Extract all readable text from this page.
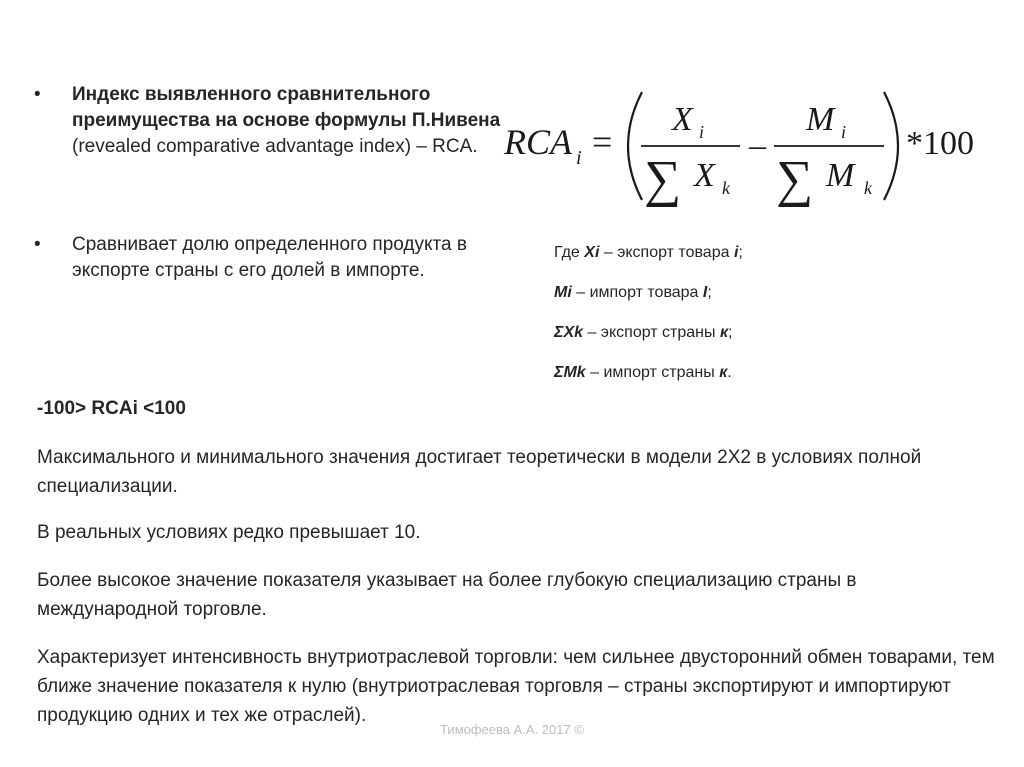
• Индекс выявленного сравнительного преимущества на основе формулы П.Нивена (revealed comparative advantage index) – RCA.
• Сравнивает долю определенного продукта в экспорте страны с его долей в импорте.
RCA i =
X i
∑ X k
–
M i
∑ M k
*100
Где Xi – экспорт товара i;
Mi – импорт товара I;
ΣXk – экспорт страны к;
ΣMk – импорт страны к.
-100> RCAi <100
Максимального и минимального значения достигает теоретически в модели 2Х2 в условиях полной специализации.
В реальных условиях редко превышает 10.
Более высокое значение показателя указывает на более глубокую специализацию страны в международной торговле.
Характеризует интенсивность внутриотраслевой торговли: чем сильнее двусторонний обмен товарами, тем ближе значение показателя к нулю (внутриотраслевая торговля – страны экспортируют и импортируют продукцию одних и тех же отраслей).
Тимофеева А.А. 2017 ©
